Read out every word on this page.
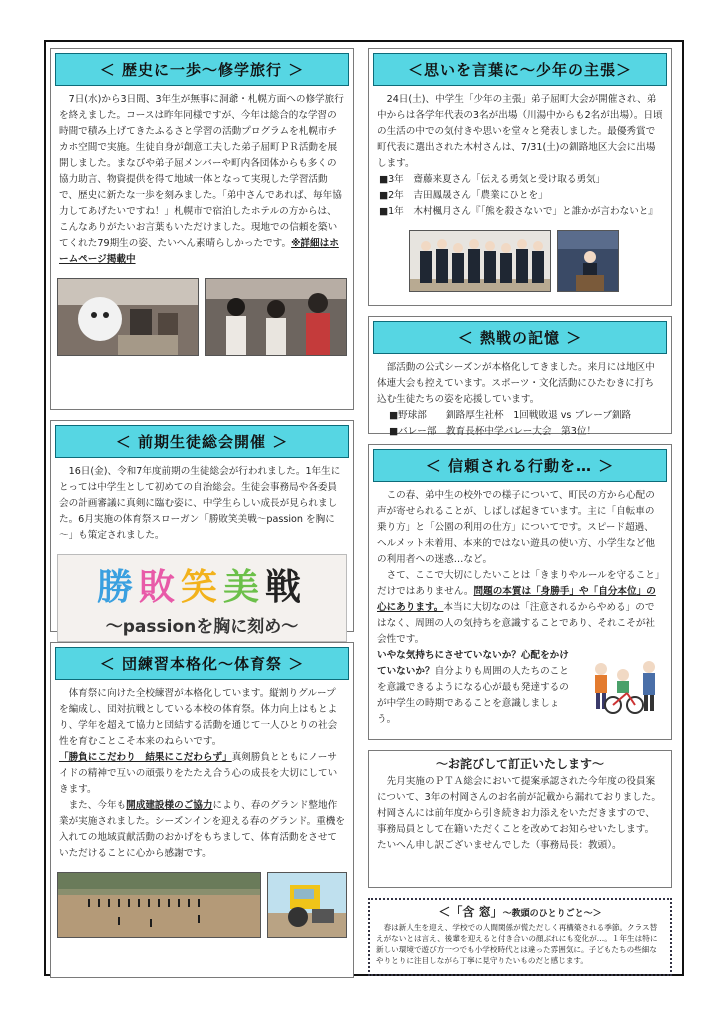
＜ 歴史に一歩～修学旅行 ＞

7日(水)から3日間、3年生が無事に洞爺・札幌方面への修学旅行を終えました。コースは昨年同様ですが、今年は総合的な学習の時間で積み上げてきたふるさと学習の活動プログラムを札幌市チカホ空間で実施。生徒自身が創意工夫した弟子屈町ＰＲ活動を展開しました。まなびや弟子屈メンバーや町内各団体からも多くの協力助言、物資提供を得て地域一体となって実現した学習活動で、歴史に新たな一歩を刻みました。「弟中さんであれば、毎年協力してあげたいですね！」札幌市で宿泊したホテルの方からは、こんなありがたいお言葉もいただけました。現地での信頼を築いてくれた79期生の姿、たいへん素晴らしかったです。※詳細はホームページ掲載中

＜ 前期生徒総会開催 ＞

16日(金)、令和7年度前期の生徒総会が行われました。1年生にとっては中学生として初めての自治総会。生徒会事務局や各委員会の計画審議に真剣に臨む姿に、中学生らしい成長が見られました。6月実施の体育祭スローガン「勝敗笑美戦～passion を胸に～」も策定されました。

勝敗笑美戦
～passionを胸に刻め～
＜ 団練習本格化～体育祭 ＞

体育祭に向けた全校練習が本格化しています。縦割りグループを編成し、団対抗戦としている本校の体育祭。体力向上はもとより、学年を超えて協力と団結する活動を通じて一人ひとりの社会性を育むことこそ本来のねらいです。

「勝負にこだわり　結果にこだわらず」真剣勝負とともにノーサイドの精神で互いの頑張りをたたえ合う心の成長を大切にしていきます。

また、今年も開成建設様のご協力により、春のグランド整地作業が実施されました。シーズンインを迎える春のグランド。重機を入れての地域貢献活動のおかげをもちまして、体育活動をさせていただけることに心から感謝です。

＜思いを言葉に～少年の主張＞

24日(土)、中学生「少年の主張」弟子屈町大会が開催され、弟中からは各学年代表の3名が出場（川湯中からも2名が出場）。日頃の生活の中での気付きや思いを堂々と発表しました。最優秀賞で町代表に選出された木村さんは、7/31(土)の釧路地区大会に出場します。

■3年　齋藤来夏さん「伝える勇気と受け取る勇気」
■2年　吉田鳳晟さん「農業にひとを」
■1年　木村楓月さん『「熊を殺さないで」と誰かが言わないと』
＜ 熱戦の記憶 ＞

部活動の公式シーズンが本格化してきました。来月には地区中体連大会も控えています。スポーツ・文化活動にひたむきに打ち込む生徒たちの姿を応援しています。

■野球部　　釧路厚生社杯　1回戦敗退 vs ブレーブ釧路
■バレー部　教育長杯中学バレー大会　第3位！
＜ 信頼される行動を… ＞

この春、弟中生の校外での様子について、町民の方から心配の声が寄せられることが、しばしば起きています。主に「自転車の乗り方」と「公園の利用の仕方」についてです。スピード超過、ヘルメット未着用、本来的ではない遊具の使い方、小学生など他の利用者への迷惑…など。

さて、ここで大切にしたいことは「きまりやルールを守ること」だけではありません。問題の本質は「身勝手」や「自分本位」の心にあります。本当に大切なのは「注意されるからやめる」のではなく、周囲の人の気持ちを意識することであり、それこそが社会性です。

いやな気持ちにさせていないか？心配をかけていないか？自分よりも周囲の人たちのことを意識できるようになる心が最も発達するのが中学生の時期であることを意識しましょう。

～お詫びして訂正いたします～

先月実施のＰＴＡ総会において提案承認された今年度の役員案について、3年の村岡さんのお名前が記載から漏れておりました。村岡さんには前年度から引き続きお力添えをいただきますので、事務局員として在籍いただくことを改めてお知らせいたします。たいへん申し訳ございませんでした（事務局長：教頭）。

＜「含 窓」～教頭のひとりごと～＞

春は新人生を迎え、学校での人間関係が慌ただしく再構築される季節。クラス替えがないとは言え、後輩を迎えると付き合いの顔ぶれにも変化が…。１年生は特に新しい環境で遊び方一つでも小学校時代とは違った雰囲気に。子どもたちの些細なやりとりに注目しながら丁寧に見守りたいものだと感じます。
